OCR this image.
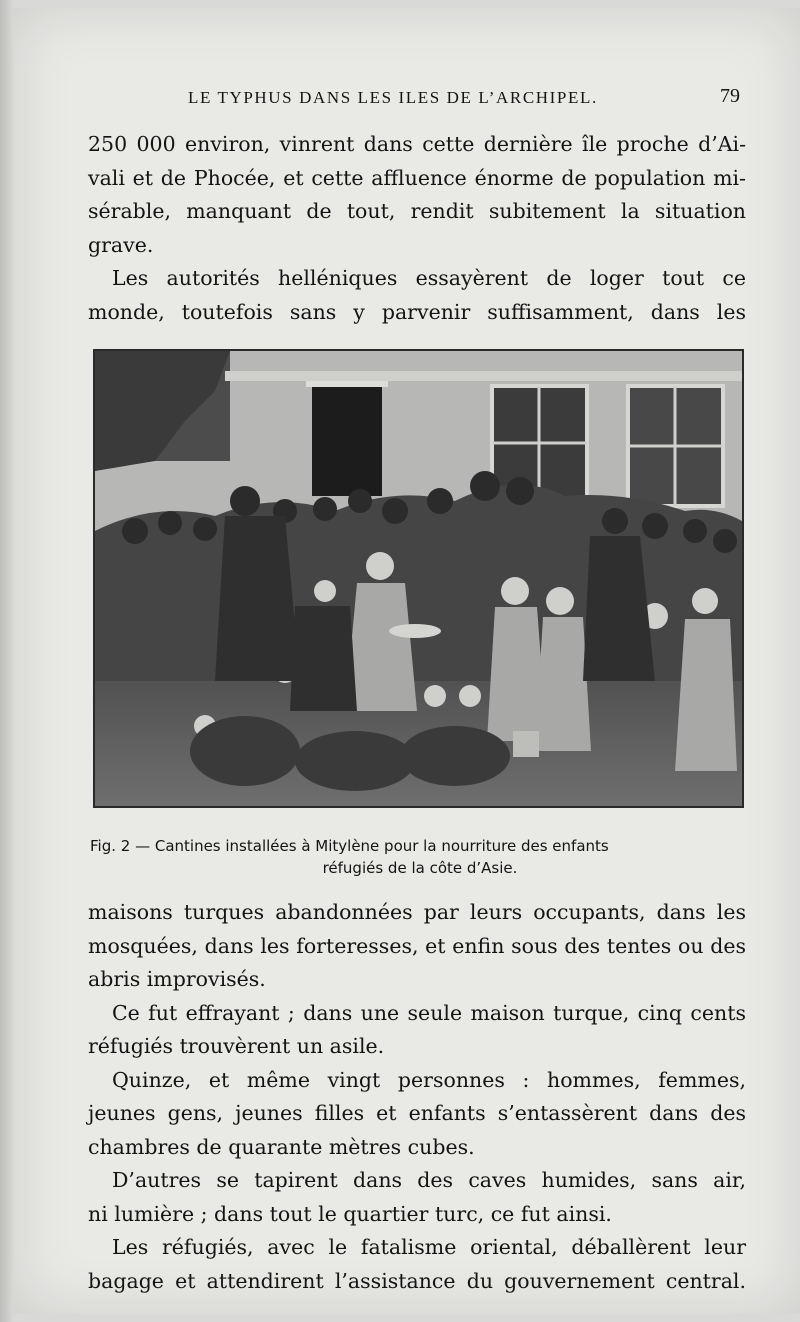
LE TYPHUS DANS LES ILES DE L’ARCHIPEL.	79

250 000 environ, vinrent dans cette dernière île proche d’Ai-

vali et de Phocée, et cette affluence énorme de population mi-

sérable, manquant de tout, rendit subitement la situation

grave.

Les autorités helléniques essayèrent de loger tout ce

monde, toutefois sans y parvenir suffisamment, dans les

Fig. 2 — Cantines installées à Mitylène pour la nourriture des enfants
réfugiés de la côte d’Asie.

maisons turques abandonnées par leurs occupants, dans les

mosquées, dans les forteresses, et enfin sous des tentes ou des

abris improvisés.

Ce fut effrayant ; dans une seule maison turque, cinq cents

réfugiés trouvèrent un asile.

Quinze, et même vingt personnes : hommes, femmes,

jeunes gens, jeunes filles et enfants s’entassèrent dans des

chambres de quarante mètres cubes.

D’autres se tapirent dans des caves humides, sans air,

ni lumière ; dans tout le quartier turc, ce fut ainsi.

Les réfugiés, avec le fatalisme oriental, déballèrent leur

bagage et attendirent l’assistance du gouvernement central.
